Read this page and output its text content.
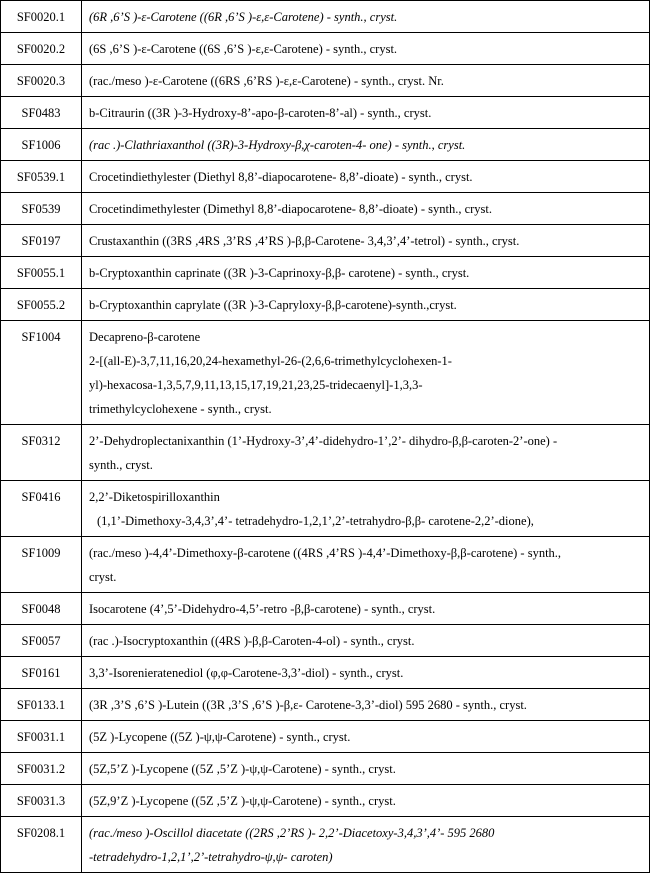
SF0020.1	(6R ,6’S )-ε-Carotene ((6R ,6’S )-ε,ε-Carotene) - synth., cryst.

SF0020.2	(6S ,6’S )-ε-Carotene ((6S ,6’S )-ε,ε-Carotene) - synth., cryst.

SF0020.3	(rac./meso )-ε-Carotene ((6RS ,6’RS )-ε,ε-Carotene) - synth., cryst. Nr.

SF0483	b-Citraurin ((3R )-3-Hydroxy-8’-apo-β-caroten-8’-al) - synth., cryst.

SF1006	(rac .)-Clathriaxanthol ((3R)-3-Hydroxy-β,χ-caroten-4- one) - synth., cryst.

SF0539.1	Crocetindiethylester (Diethyl 8,8’-diapocarotene- 8,8’-dioate) - synth., cryst.

SF0539	Crocetindimethylester (Dimethyl 8,8’-diapocarotene- 8,8’-dioate) - synth., cryst.

SF0197	Crustaxanthin ((3RS ,4RS ,3’RS ,4’RS )-β,β-Carotene- 3,4,3’,4’-tetrol) - synth., cryst.

SF0055.1	b-Cryptoxanthin caprinate ((3R )-3-Caprinoxy-β,β- carotene) - synth., cryst.

SF0055.2	b-Cryptoxanthin caprylate ((3R )-3-Capryloxy-β,β-carotene)-synth.,cryst.

SF1004	Decapreno-β-carotene
2-[(all-E)-3,7,11,16,20,24-hexamethyl-26-(2,6,6-trimethylcyclohexen-1-
yl)-hexacosa-1,3,5,7,9,11,13,15,17,19,21,23,25-tridecaenyl]-1,3,3-
trimethylcyclohexene - synth., cryst.

SF0312	2’-Dehydroplectanixanthin (1’-Hydroxy-3’,4’-didehydro-1’,2’- dihydro-β,β-caroten-2’-one) -
synth., cryst.

SF0416	2,2’-Diketospirilloxanthin
(1,1’-Dimethoxy-3,4,3’,4’- tetradehydro-1,2,1’,2’-tetrahydro-β,β- carotene-2,2’-dione),

SF1009	(rac./meso )-4,4’-Dimethoxy-β-carotene ((4RS ,4’RS )-4,4’-Dimethoxy-β,β-carotene) - synth.,
cryst.

SF0048	Isocarotene (4’,5’-Didehydro-4,5’-retro -β,β-carotene) - synth., cryst.

SF0057	(rac .)-Isocryptoxanthin ((4RS )-β,β-Caroten-4-ol) - synth., cryst.

SF0161	3,3’-Isorenieratenediol (φ,φ-Carotene-3,3’-diol) - synth., cryst.

SF0133.1	(3R ,3’S ,6’S )-Lutein ((3R ,3’S ,6’S )-β,ε- Carotene-3,3’-diol) 595 2680 - synth., cryst.

SF0031.1	(5Z )-Lycopene ((5Z )-ψ,ψ-Carotene) - synth., cryst.

SF0031.2	(5Z,5’Z )-Lycopene ((5Z ,5’Z )-ψ,ψ-Carotene) - synth., cryst.

SF0031.3	(5Z,9’Z )-Lycopene ((5Z ,5’Z )-ψ,ψ-Carotene) - synth., cryst.

SF0208.1	(rac./meso )-Oscillol diacetate ((2RS ,2’RS )- 2,2’-Diacetoxy-3,4,3’,4’- 595 2680
-tetradehydro-1,2,1’,2’-tetrahydro-ψ,ψ- caroten)
